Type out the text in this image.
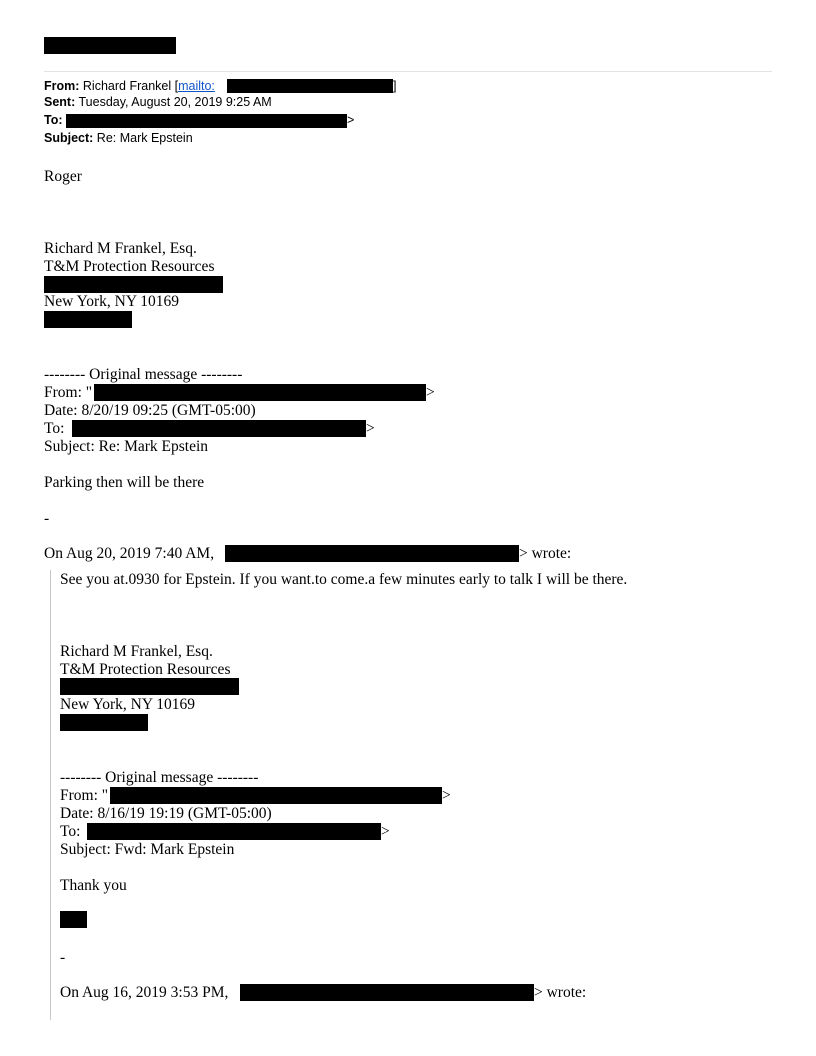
From: Richard Frankel [mailto:	]
Sent: Tuesday, August 20, 2019 9:25 AM
To:	>
Subject: Re: Mark Epstein
Roger
Richard M Frankel, Esq.
T&M Protection Resources
New York, NY 10169
-------- Original message --------
From: "	>
Date: 8/20/19 09:25 (GMT-05:00)
To:	>
Subject: Re: Mark Epstein
Parking then will be there
-
On Aug 20, 2019 7:40 AM,	> wrote:
See you at.0930 for Epstein. If you want.to come.a few minutes early to talk I will be there.
Richard M Frankel, Esq.
T&M Protection Resources
New York, NY 10169
-------- Original message --------
From: "	>
Date: 8/16/19 19:19 (GMT-05:00)
To:	>
Subject: Fwd: Mark Epstein
Thank you
-
On Aug 16, 2019 3:53 PM,	> wrote:
